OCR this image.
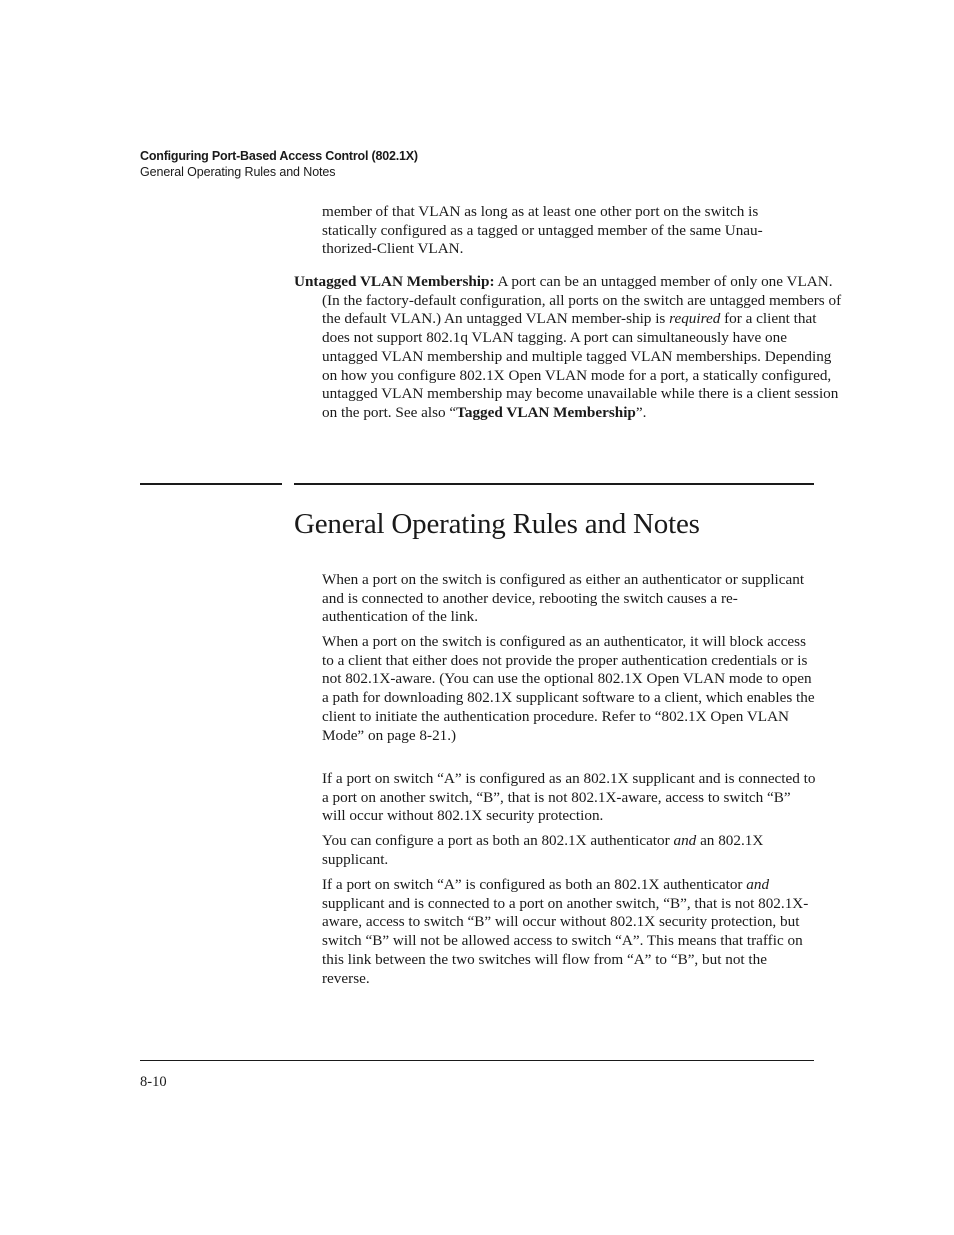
Configuring Port-Based Access Control (802.1X)
General Operating Rules and Notes

member of that VLAN as long as at least one other port on the switch is statically configured as a tagged or untagged member of the same Unau-thorized-Client VLAN.

Untagged VLAN Membership: A port can be an untagged member of only one VLAN. (In the factory-default configuration, all ports on the switch are untagged members of the default VLAN.) An untagged VLAN member-ship is required for a client that does not support 802.1q VLAN tagging. A port can simultaneously have one untagged VLAN membership and multiple tagged VLAN memberships. Depending on how you configure 802.1X Open VLAN mode for a port, a statically configured, untagged VLAN membership may become unavailable while there is a client session on the port. See also “Tagged VLAN Membership”.

General Operating Rules and Notes

When a port on the switch is configured as either an authenticator or supplicant and is connected to another device, rebooting the switch causes a re-authentication of the link.

When a port on the switch is configured as an authenticator, it will block access to a client that either does not provide the proper authentication credentials or is not 802.1X-aware. (You can use the optional 802.1X Open VLAN mode to open a path for downloading 802.1X supplicant software to a client, which enables the client to initiate the authentication procedure. Refer to “802.1X Open VLAN Mode” on page 8-21.)

If a port on switch “A” is configured as an 802.1X supplicant and is connected to a port on another switch, “B”, that is not 802.1X-aware, access to switch “B” will occur without 802.1X security protection.

You can configure a port as both an 802.1X authenticator and an 802.1X supplicant.

If a port on switch “A” is configured as both an 802.1X authenticator and supplicant and is connected to a port on another switch, “B”, that is not 802.1X-aware, access to switch “B” will occur without 802.1X security protection, but switch “B” will not be allowed access to switch “A”. This means that traffic on this link between the two switches will flow from “A” to “B”, but not the reverse.

8-10
